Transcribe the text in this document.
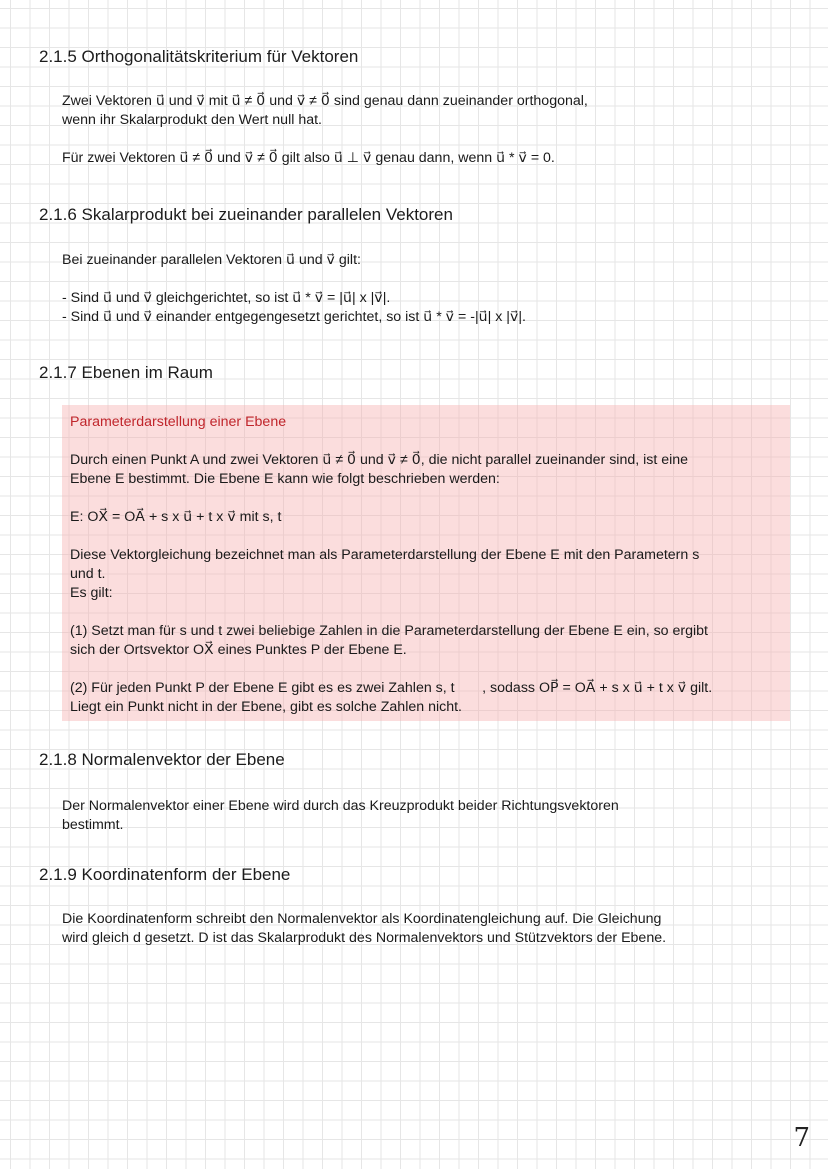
2.1.5 Orthogonalitätskriterium für Vektoren

Zwei Vektoren u⃗ und v⃗ mit u⃗ ≠ 0⃗ und v⃗ ≠ 0⃗ sind genau dann zueinander orthogonal,

wenn ihr Skalarprodukt den Wert null hat.

Für zwei Vektoren u⃗ ≠ 0⃗ und v⃗ ≠ 0⃗ gilt also u⃗ ⊥ v⃗ genau dann, wenn u⃗ * v⃗ = 0.

2.1.6 Skalarprodukt bei zueinander parallelen Vektoren

Bei zueinander parallelen Vektoren u⃗ und v⃗ gilt:

- Sind u⃗ und v⃗ gleichgerichtet, so ist u⃗ * v⃗ = |u⃗| x |v⃗|.

- Sind u⃗ und v⃗ einander entgegengesetzt gerichtet, so ist u⃗ * v⃗ = -|u⃗| x |v⃗|.

2.1.7 Ebenen im Raum

Parameterdarstellung einer Ebene

Durch einen Punkt A und zwei Vektoren u⃗ ≠ 0⃗ und v⃗ ≠ 0⃗, die nicht parallel zueinander sind, ist eine

Ebene E bestimmt. Die Ebene E kann wie folgt beschrieben werden:

E: OX⃗ = OA⃗ + s x u⃗ + t x v⃗ mit s, t

Diese Vektorgleichung bezeichnet man als Parameterdarstellung der Ebene E mit den Parametern s

und t.

Es gilt:

(1) Setzt man für s und t zwei beliebige Zahlen in die Parameterdarstellung der Ebene E ein, so ergibt

sich der Ortsvektor OX⃗ eines Punktes P der Ebene E.

(2) Für jeden Punkt P der Ebene E gibt es es zwei Zahlen s, t       , sodass OP⃗ = OA⃗ + s x u⃗ + t x v⃗ gilt.

Liegt ein Punkt nicht in der Ebene, gibt es solche Zahlen nicht.

2.1.8 Normalenvektor der Ebene

Der Normalenvektor einer Ebene wird durch das Kreuzprodukt beider Richtungsvektoren

bestimmt.

2.1.9 Koordinatenform der Ebene

Die Koordinatenform schreibt den Normalenvektor als Koordinatengleichung auf. Die Gleichung

wird gleich d gesetzt. D ist das Skalarprodukt des Normalenvektors und Stützvektors der Ebene.

7
